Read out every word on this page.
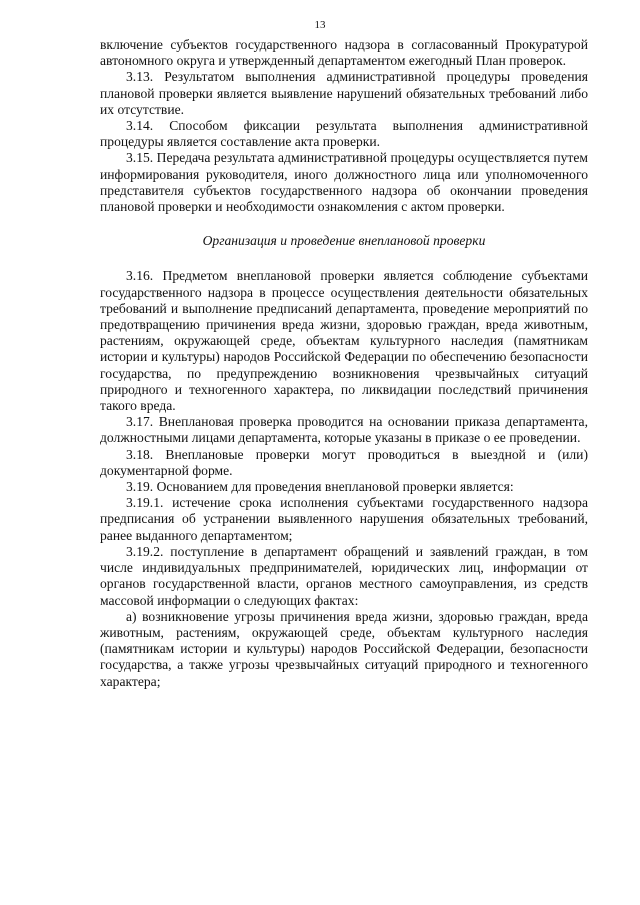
13

включение субъектов государственного надзора в согласованный Прокуратурой автономного округа и утвержденный департаментом ежегодный План проверок.

3.13. Результатом выполнения административной процедуры проведения плановой проверки является выявление нарушений обязательных требований либо их отсутствие.

3.14. Способом фиксации результата выполнения административной процедуры является составление акта проверки.

3.15. Передача результата административной процедуры осуществляется путем информирования руководителя, иного должностного лица или уполномоченного представителя субъектов государственного надзора об окончании проведения плановой проверки и необходимости ознакомления с актом проверки.

Организация и проведение внеплановой проверки

3.16. Предметом внеплановой проверки является соблюдение субъектами государственного надзора в процессе осуществления деятельности обязательных требований и выполнение предписаний департамента, проведение мероприятий по предотвращению причинения вреда жизни, здоровью граждан, вреда животным, растениям, окружающей среде, объектам культурного наследия (памятникам истории и культуры) народов Российской Федерации по обеспечению безопасности государства, по предупреждению возникновения чрезвычайных ситуаций природного и техногенного характера, по ликвидации последствий причинения такого вреда.

3.17. Внеплановая проверка проводится на основании приказа департамента, должностными лицами департамента, которые указаны в приказе о ее проведении.

3.18. Внеплановые проверки могут проводиться в выездной и (или) документарной форме.

3.19. Основанием для проведения внеплановой проверки является:

3.19.1. истечение срока исполнения субъектами государственного надзора предписания об устранении выявленного нарушения обязательных требований, ранее выданного департаментом;

3.19.2. поступление в департамент обращений и заявлений граждан, в том числе индивидуальных предпринимателей, юридических лиц, информации от органов государственной власти, органов местного самоуправления, из средств массовой информации о следующих фактах:

а) возникновение угрозы причинения вреда жизни, здоровью граждан, вреда животным, растениям, окружающей среде, объектам культурного наследия (памятникам истории и культуры) народов Российской Федерации, безопасности государства, а также угрозы чрезвычайных ситуаций природного и техногенного характера;
